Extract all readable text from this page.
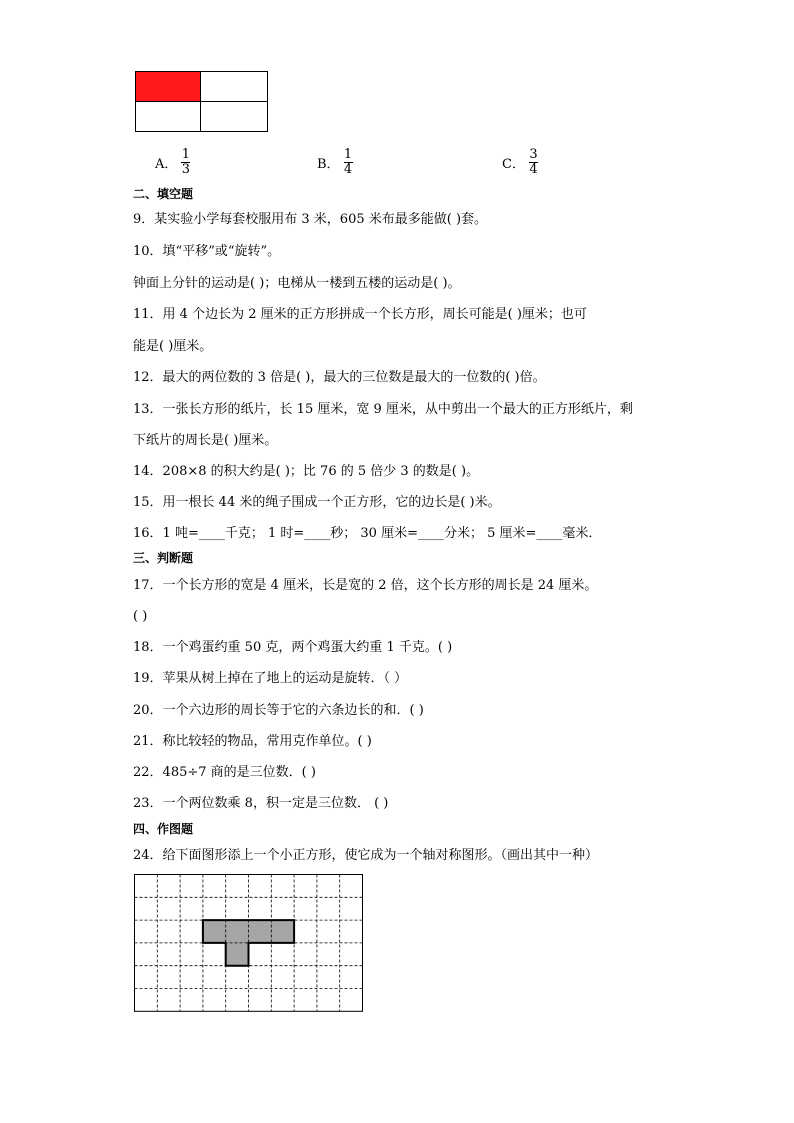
A． $\frac{1}{3}$	B． $\frac{1}{4}$	C． $\frac{3}{4}$
二、填空题
9．某实验小学每套校服用布 3 米，605 米布最多能做( )套。
10．填“平移”或“旋转”。
钟面上分针的运动是( )；电梯从一楼到五楼的运动是( )。
11．用 4 个边长为 2 厘米的正方形拼成一个长方形，周长可能是( )厘米；也可
能是( )厘米。
12．最大的两位数的 3 倍是( )，最大的三位数是最大的一位数的( )倍。
13．一张长方形的纸片，长 15 厘米，宽 9 厘米，从中剪出一个最大的正方形纸片，剩
下纸片的周长是( )厘米。
14．208×8 的积大约是( )；比 76 的 5 倍少 3 的数是( )。
15．用一根长 44 米的绳子围成一个正方形，它的边长是( )米。
16．1 吨=____千克； 1 时=____秒； 30 厘米=____分米； 5 厘米=____毫米．
三、判断题
17．一个长方形的宽是 4 厘米，长是宽的 2 倍，这个长方形的周长是 24 厘米。
( )
18．一个鸡蛋约重 50 克，两个鸡蛋大约重 1 千克。( )
19．苹果从树上掉在了地上的运动是旋转．（ ）
20．一个六边形的周长等于它的六条边长的和．( )
21．称比较轻的物品，常用克作单位。( )
22．485÷7 商的是三位数．( )
23．一个两位数乘 8，积一定是三位数． ( )
四、作图题
24．给下面图形添上一个小正方形，使它成为一个轴对称图形。（画出其中一种）
